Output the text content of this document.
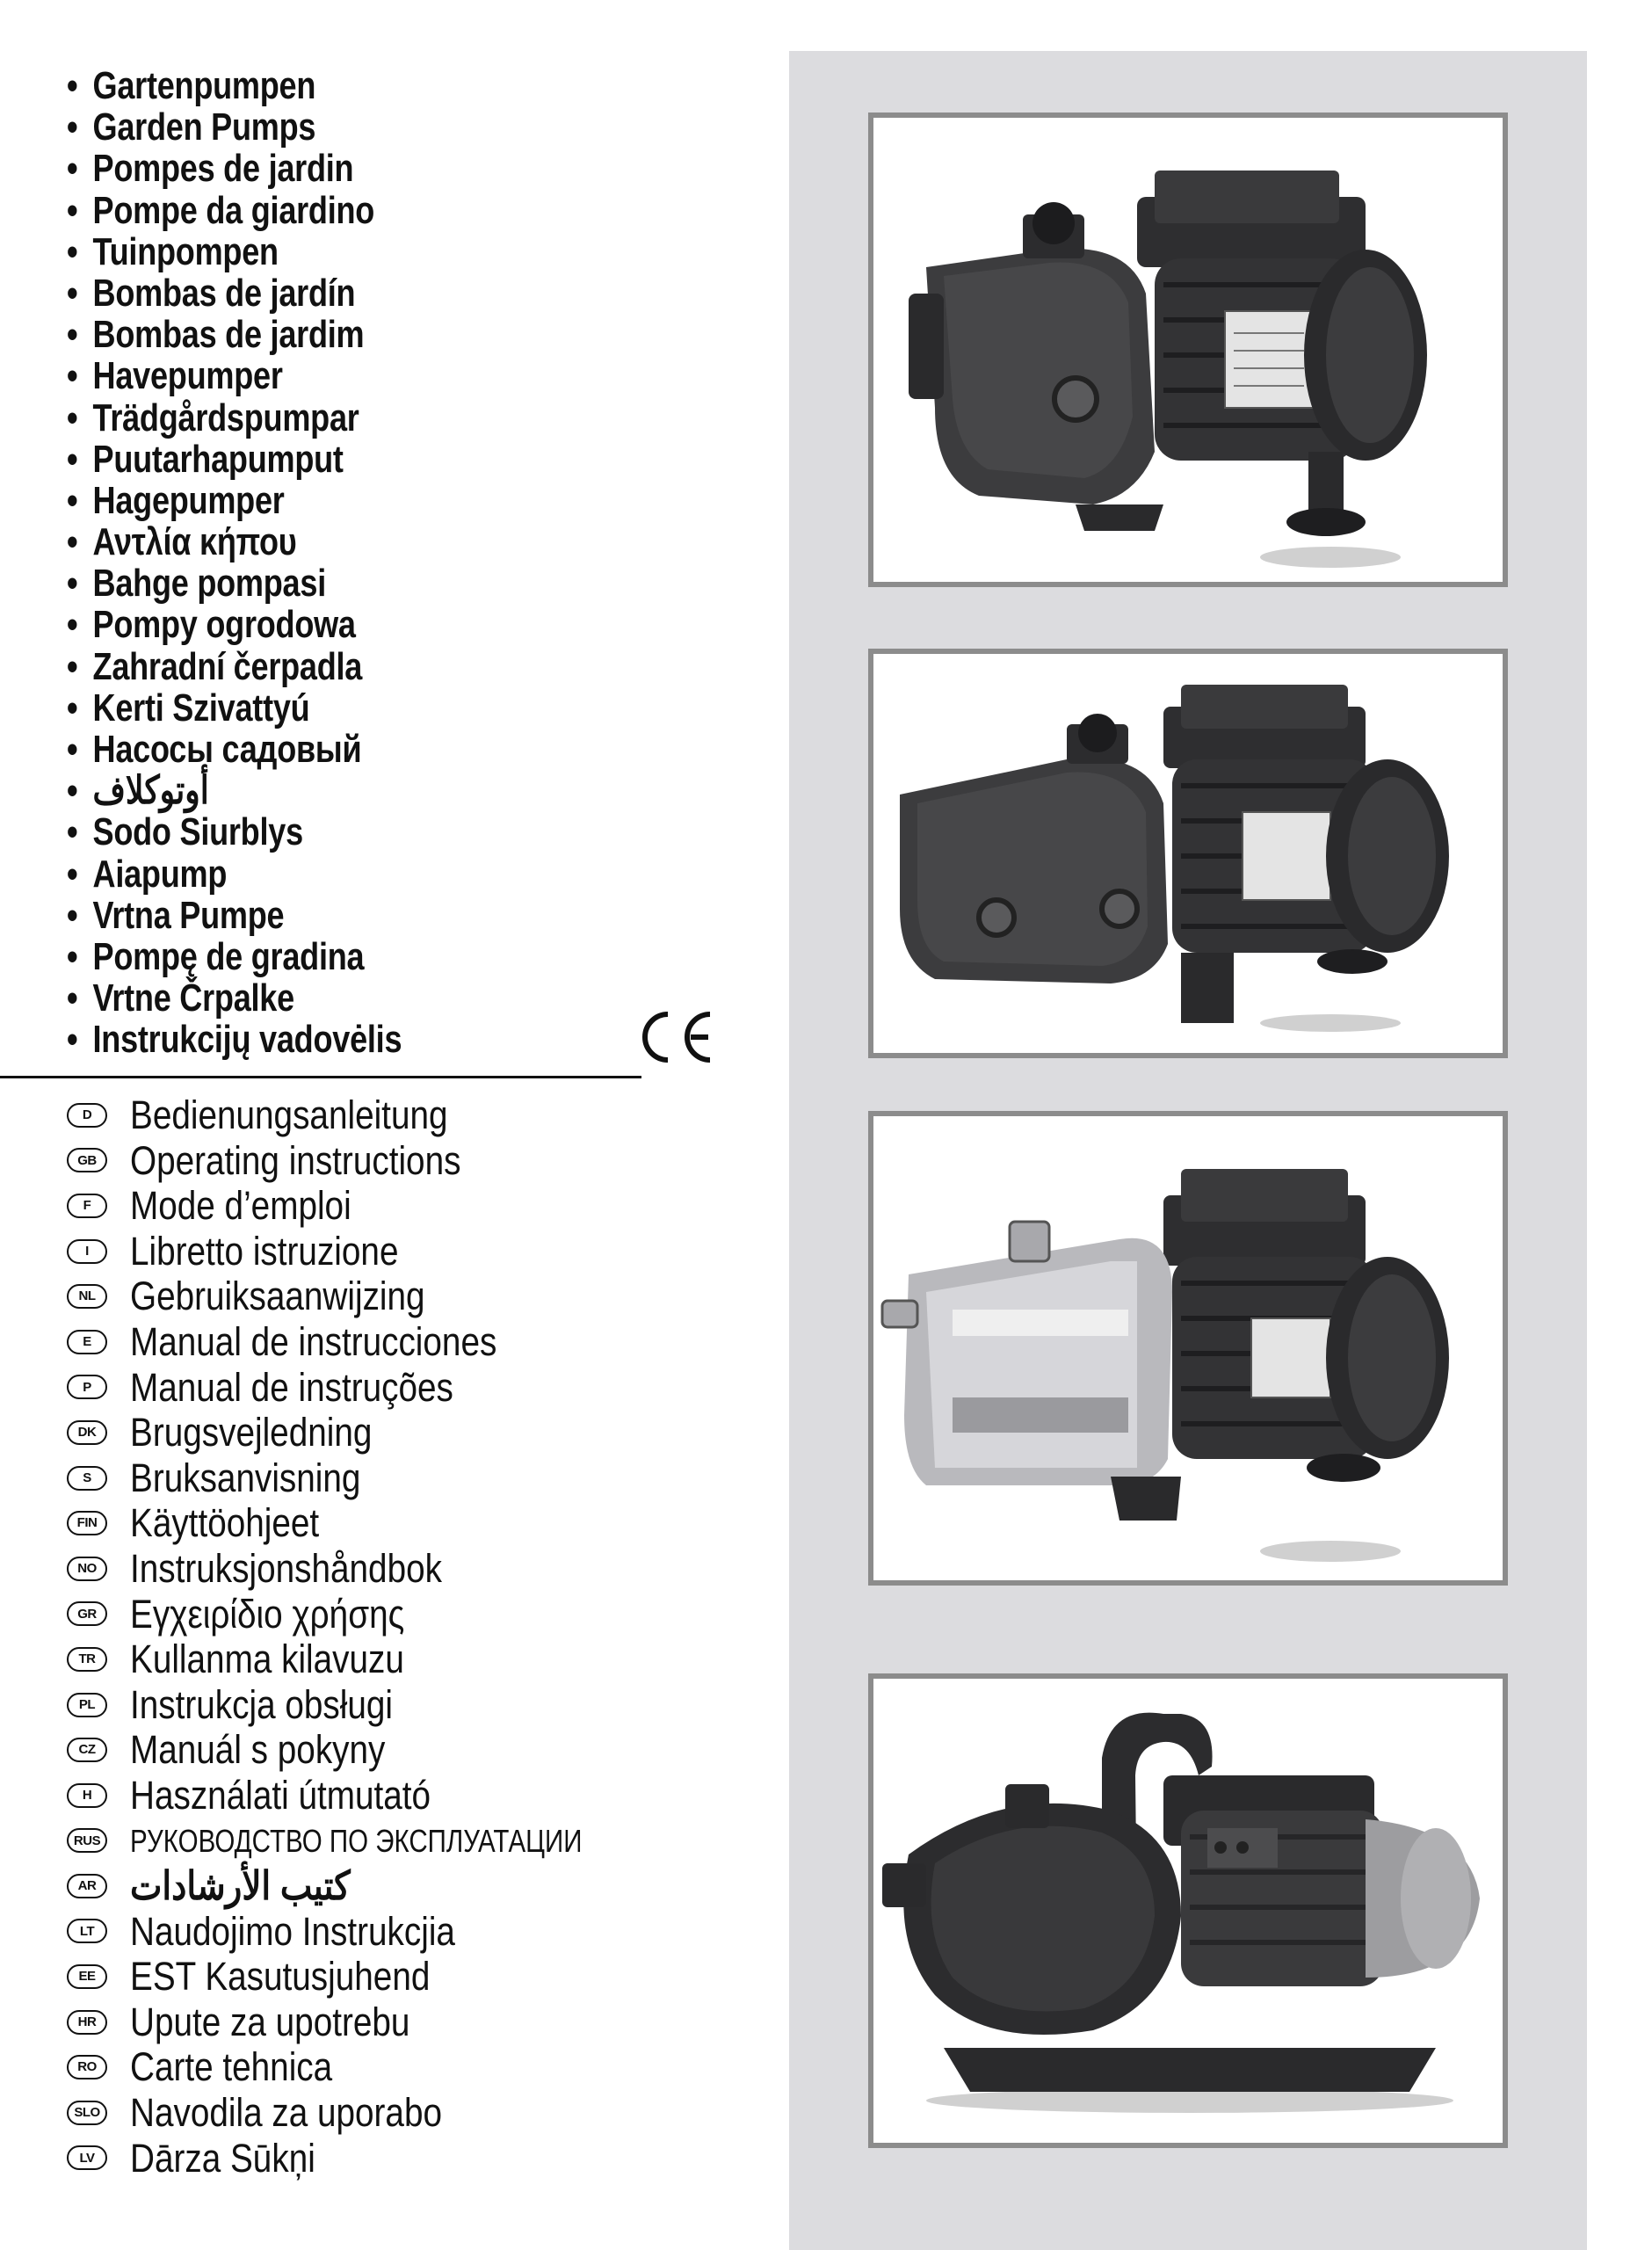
• Gartenpumpen
• Garden Pumps
• Pompes de jardin
• Pompe da giardino
• Tuinpompen
• Bombas de jardín
• Bombas de jardim
• Havepumper
• Trädgårdspumpar
• Puutarhapumput
• Hagepumper
• Αντλία κήπου
• Bahge pompasi
• Pompy ogrodowa
• Zahradní čerpadla
• Kerti Szivattyú
• Насосы садовый
• أوتوكلاف
• Sodo Siurblys
• Aiapump
• Vrtna Pumpe
• Pompę de gradina
• Vrtne Črpalke
• Instrukcijų vadovėlis
D Bedienungsanleitung
GB Operating instructions
F Mode d’emploi
I	Libretto istruzione
NL Gebruiksaanwijzing
E Manual de instrucciones
P Manual de instruções
DK Brugsvejledning
S Bruksanvisning
FIN Käyttöohjeet
NO Instruksjonshåndbok
GR Εγχειρίδιο χρήσης
TR Kullanma kilavuzu
PL Instrukcja obsługi
CZ Manuál s pokyny
H Használati útmutató
RUS РУКОВОДСТВО ПО ЭКСПЛУАТАЦИИ
AR كتيب الأرشادات
LT Naudojimo Instrukcjia
EE EST Kasutusjuhend
HR Upute za upotrebu
RO Carte tehnica
SLO Navodila za uporabo
LV Dārza Sūkņi
